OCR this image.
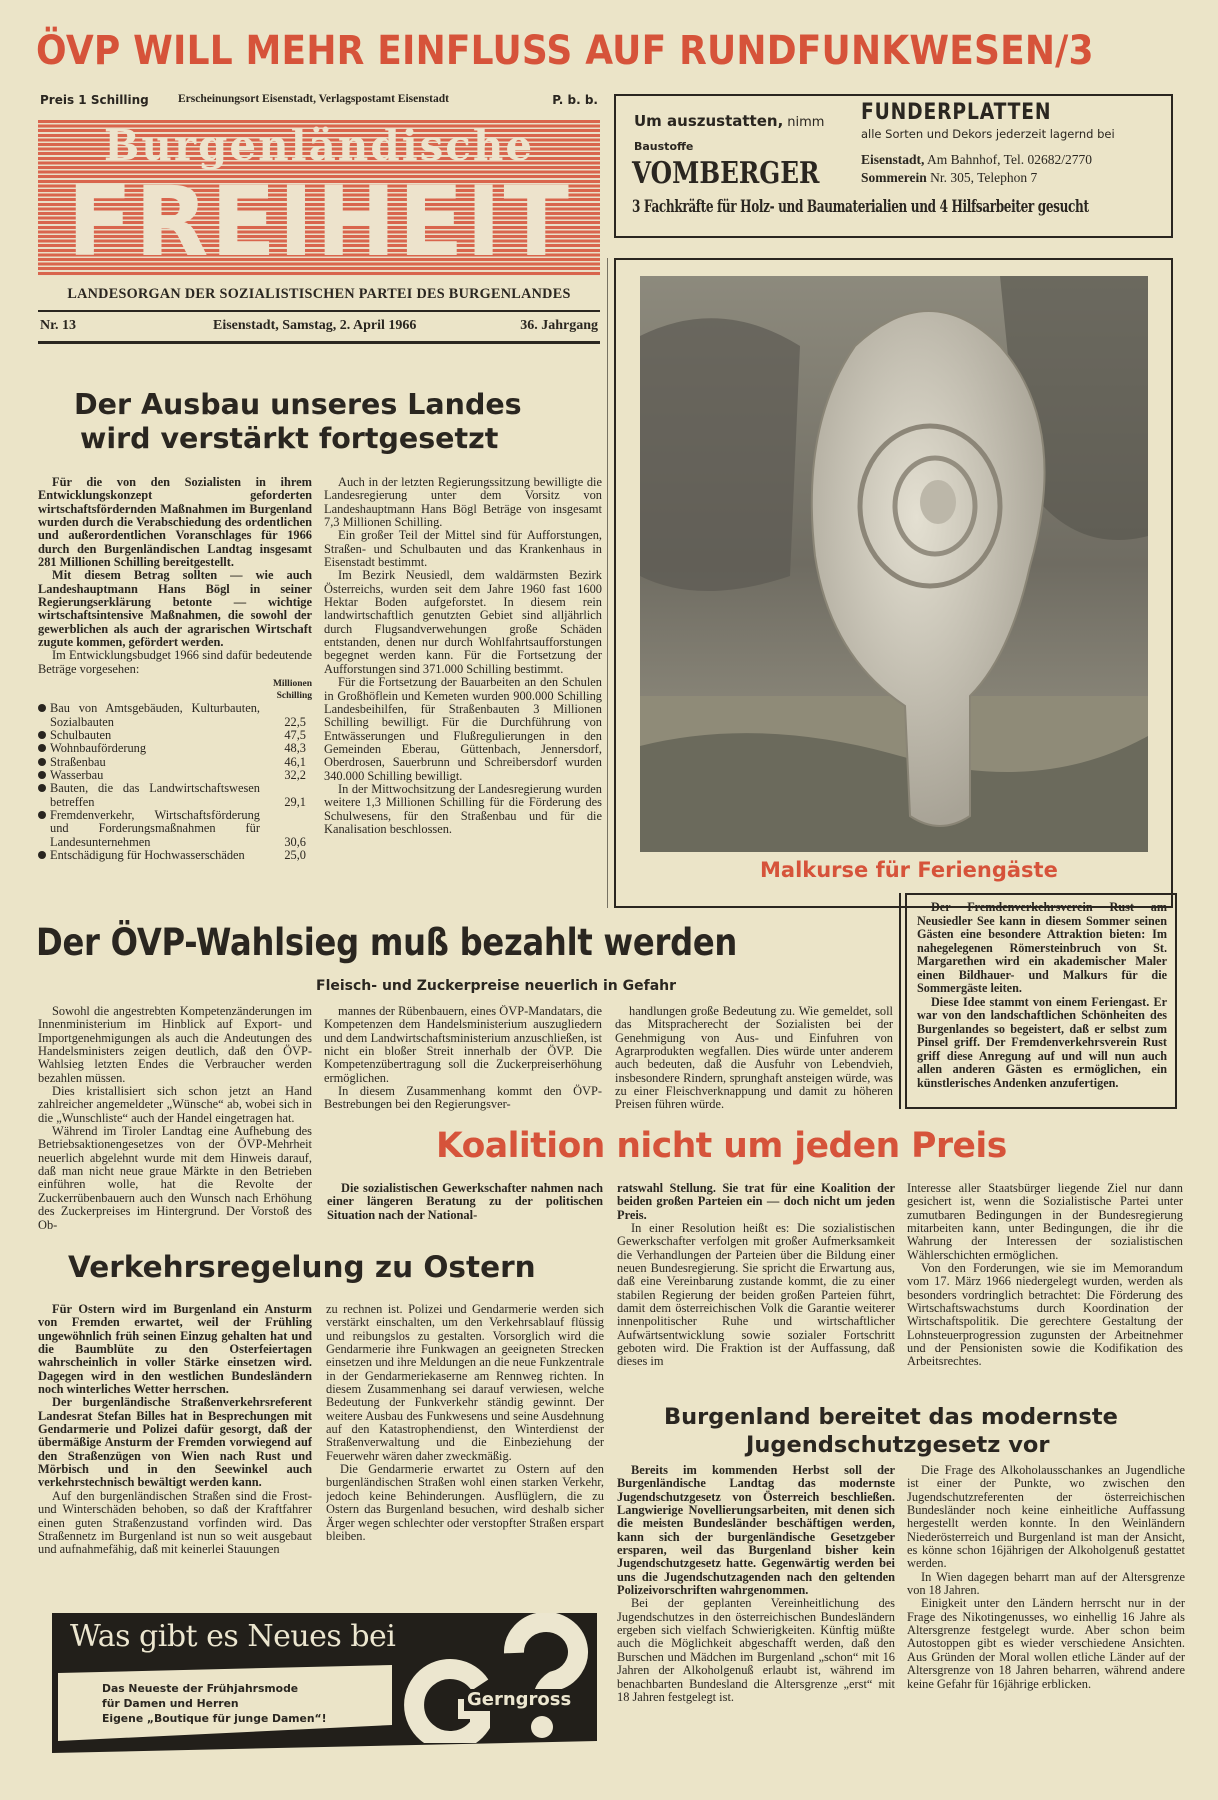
ÖVP WILL MEHR EINFLUSS AUF RUNDFUNKWESEN/3
Preis 1 Schilling	Erscheinungsort Eisenstadt, Verlagspostamt Eisenstadt	P. b. b.
Burgenländische
FREIHEIT
LANDESORGAN DER SOZIALISTISCHEN PARTEI DES BURGENLANDES
Nr. 13	Eisenstadt, Samstag, 2. April 1966	36. Jahrgang
Um auszustatten, nimm FUNDERPLATTEN
alle Sorten und Dekors jederzeit lagernd bei
Baustoffe
VOMBERGER	Eisenstadt, Am Bahnhof, Tel. 02682/2770
Sommerein Nr. 305, Telephon 7
3 Fachkräfte für Holz- und Baumaterialien und 4 Hilfsarbeiter gesucht
Malkurse für Feriengäste

Der Fremdenverkehrsverein Rust am Neusiedler See kann in diesem Sommer seinen Gästen eine besondere Attraktion bieten: Im nahegelegenen Römersteinbruch von St. Margarethen wird ein akademischer Maler einen Bildhauer- und Malkurs für die Sommergäste leiten.

Diese Idee stammt von einem Feriengast. Er war von den landschaftlichen Schönheiten des Burgenlandes so begeistert, daß er selbst zum Pinsel griff. Der Fremdenverkehrsverein Rust griff diese Anregung auf und will nun auch allen anderen Gästen es ermöglichen, ein künstlerisches Andenken anzufertigen.

Der Ausbau unseres Landes
wird verstärkt fortgesetzt

Für die von den Sozialisten in ihrem Entwicklungskonzept geforderten wirtschaftsfördernden Maßnahmen im Burgenland wurden durch die Verabschiedung des ordentlichen und außerordentlichen Voranschlages für 1966 durch den Burgenländischen Landtag insgesamt 281 Millionen Schilling bereitgestellt.

Mit diesem Betrag sollten — wie auch Landeshauptmann Hans Bögl in seiner Regierungserklärung betonte — wichtige wirtschaftsintensive Maßnahmen, die sowohl der gewerblichen als auch der agrarischen Wirtschaft zugute kommen, gefördert werden.

Im Entwicklungsbudget 1966 sind dafür bedeutende Beträge vorgesehen:

Millionen
Schilling
Bau von Amtsgebäuden, Kulturbauten, Sozialbauten	22,5
Schulbauten	47,5
Wohnbauförderung	48,3
Straßenbau	46,1
Wasserbau	32,2
Bauten, die das Landwirtschaftswesen betreffen	29,1
Fremdenverkehr, Wirtschaftsförderung und Forderungsmaßnahmen für Landesunternehmen	30,6
Entschädigung für Hochwasserschäden	25,0

Auch in der letzten Regierungssitzung bewilligte die Landesregierung unter dem Vorsitz von Landeshauptmann Hans Bögl Beträge von insgesamt 7,3 Millionen Schilling.

Ein großer Teil der Mittel sind für Aufforstungen, Straßen- und Schulbauten und das Krankenhaus in Eisenstadt bestimmt.

Im Bezirk Neusiedl, dem waldärmsten Bezirk Österreichs, wurden seit dem Jahre 1960 fast 1600 Hektar Boden aufgeforstet. In diesem rein landwirtschaftlich genutzten Gebiet sind alljährlich durch Flugsandverwehungen große Schäden entstanden, denen nur durch Wohlfahrtsaufforstungen begegnet werden kann. Für die Fortsetzung der Aufforstungen sind 371.000 Schilling bestimmt.

Für die Fortsetzung der Bauarbeiten an den Schulen in Großhöflein und Kemeten wurden 900.000 Schilling Landesbeihilfen, für Straßenbauten 3 Millionen Schilling bewilligt. Für die Durchführung von Entwässerungen und Flußregulierungen in den Gemeinden Eberau, Güttenbach, Jennersdorf, Oberdrosen, Sauerbrunn und Schreibersdorf wurden 340.000 Schilling bewilligt.

In der Mittwochsitzung der Landesregierung wurden weitere 1,3 Millionen Schilling für die Förderung des Schulwesens, für den Straßenbau und für die Kanalisation beschlossen.

Der ÖVP-Wahlsieg muß bezahlt werden
Fleisch- und Zuckerpreise neuerlich in Gefahr

Sowohl die angestrebten Kompetenzänderungen im Innenministerium im Hinblick auf Export- und Importgenehmigungen als auch die Andeutungen des Handelsministers zeigen deutlich, daß den ÖVP-Wahlsieg letzten Endes die Verbraucher werden bezahlen müssen.

Dies kristallisiert sich schon jetzt an Hand zahlreicher angemeldeter „Wünsche“ ab, wobei sich in die „Wunschliste“ auch der Handel eingetragen hat.

Während im Tiroler Landtag eine Aufhebung des Betriebsaktionengesetzes von der ÖVP-Mehrheit neuerlich abgelehnt wurde mit dem Hinweis darauf, daß man nicht neue graue Märkte in den Betrieben einführen wolle, hat die Revolte der Zuckerrübenbauern auch den Wunsch nach Erhöhung des Zuckerpreises im Hintergrund. Der Vorstoß des Ob-

mannes der Rübenbauern, eines ÖVP-Mandatars, die Kompetenzen dem Handelsministerium auszugliedern und dem Landwirtschaftsministerium anzuschließen, ist nicht ein bloßer Streit innerhalb der ÖVP. Die Kompetenzübertragung soll die Zuckerpreiserhöhung ermöglichen.

In diesem Zusammenhang kommt den ÖVP-Bestrebungen bei den Regierungsver-

handlungen große Bedeutung zu. Wie gemeldet, soll das Mitspracherecht der Sozialisten bei der Genehmigung von Aus- und Einfuhren von Agrarprodukten wegfallen. Dies würde unter anderem auch bedeuten, daß die Ausfuhr von Lebendvieh, insbesondere Rindern, sprunghaft ansteigen würde, was zu einer Fleischverknappung und damit zu höheren Preisen führen würde.

Koalition nicht um jeden Preis

Die sozialistischen Gewerkschafter nahmen nach einer längeren Beratung zu der politischen Situation nach der National-

ratswahl Stellung. Sie trat für eine Koalition der beiden großen Parteien ein — doch nicht um jeden Preis.

In einer Resolution heißt es: Die sozialistischen Gewerkschafter verfolgen mit großer Aufmerksamkeit die Verhandlungen der Parteien über die Bildung einer neuen Bundesregierung. Sie spricht die Erwartung aus, daß eine Vereinbarung zustande kommt, die zu einer stabilen Regierung der beiden großen Parteien führt, damit dem österreichischen Volk die Garantie weiterer innenpolitischer Ruhe und wirtschaftlicher Aufwärtsentwicklung sowie sozialer Fortschritt geboten wird. Die Fraktion ist der Auffassung, daß dieses im

Interesse aller Staatsbürger liegende Ziel nur dann gesichert ist, wenn die Sozialistische Partei unter zumutbaren Bedingungen in der Bundesregierung mitarbeiten kann, unter Bedingungen, die ihr die Wahrung der Interessen der sozialistischen Wählerschichten ermöglichen.

Von den Forderungen, wie sie im Memorandum vom 17. März 1966 niedergelegt wurden, werden als besonders vordringlich betrachtet: Die Förderung des Wirtschaftswachstums durch Koordination der Wirtschaftspolitik. Die gerechtere Gestaltung der Lohnsteuerprogression zugunsten der Arbeitnehmer und der Pensionisten sowie die Kodifikation des Arbeitsrechtes.

Verkehrsregelung zu Ostern

Für Ostern wird im Burgenland ein Ansturm von Fremden erwartet, weil der Frühling ungewöhnlich früh seinen Einzug gehalten hat und die Baumblüte zu den Osterfeiertagen wahrscheinlich in voller Stärke einsetzen wird. Dagegen wird in den westlichen Bundesländern noch winterliches Wetter herrschen.

Der burgenländische Straßenverkehrsreferent Landesrat Stefan Billes hat in Besprechungen mit Gendarmerie und Polizei dafür gesorgt, daß der übermäßige Ansturm der Fremden vorwiegend auf den Straßenzügen von Wien nach Rust und Mörbisch und in den Seewinkel auch verkehrstechnisch bewältigt werden kann.

Auf den burgenländischen Straßen sind die Frost- und Winterschäden behoben, so daß der Kraftfahrer einen guten Straßenzustand vorfinden wird. Das Straßennetz im Burgenland ist nun so weit ausgebaut und aufnahmefähig, daß mit keinerlei Stauungen

zu rechnen ist. Polizei und Gendarmerie werden sich verstärkt einschalten, um den Verkehrsablauf flüssig und reibungslos zu gestalten. Vorsorglich wird die Gendarmerie ihre Funkwagen an geeigneten Strecken einsetzen und ihre Meldungen an die neue Funkzentrale in der Gendarmeriekaserne am Rennweg richten. In diesem Zusammenhang sei darauf verwiesen, welche Bedeutung der Funkverkehr ständig gewinnt. Der weitere Ausbau des Funkwesens und seine Ausdehnung auf den Katastrophendienst, den Winterdienst der Straßenverwaltung und die Einbeziehung der Feuerwehr wären daher zweckmäßig.

Die Gendarmerie erwartet zu Ostern auf den burgenländischen Straßen wohl einen starken Verkehr, jedoch keine Behinderungen. Ausflüglern, die zu Ostern das Burgenland besuchen, wird deshalb sicher Ärger wegen schlechter oder verstopfter Straßen erspart bleiben.

Burgenland bereitet das modernste
Jugendschutzgesetz vor

Bereits im kommenden Herbst soll der Burgenländische Landtag das modernste Jugendschutzgesetz von Österreich beschließen. Langwierige Novellierungsarbeiten, mit denen sich die meisten Bundesländer beschäftigen werden, kann sich der burgenländische Gesetzgeber ersparen, weil das Burgenland bisher kein Jugendschutzgesetz hatte. Gegenwärtig werden bei uns die Jugendschutzagenden nach den geltenden Polizeivorschriften wahrgenommen.

Bei der geplanten Vereinheitlichung des Jugendschutzes in den österreichischen Bundesländern ergeben sich vielfach Schwierigkeiten. Künftig müßte auch die Möglichkeit abgeschafft werden, daß den Burschen und Mädchen im Burgenland „schon“ mit 16 Jahren der Alkoholgenuß erlaubt ist, während im benachbarten Bundesland die Altersgrenze „erst“ mit 18 Jahren festgelegt ist.

Die Frage des Alkoholausschankes an Jugendliche ist einer der Punkte, wo zwischen den Jugendschutzreferenten der österreichischen Bundesländer noch keine einheitliche Auffassung hergestellt werden konnte. In den Weinländern Niederösterreich und Burgenland ist man der Ansicht, es könne schon 16jährigen der Alkoholgenuß gestattet werden.

In Wien dagegen beharrt man auf der Altersgrenze von 18 Jahren.

Einigkeit unter den Ländern herrscht nur in der Frage des Nikotingenusses, wo einhellig 16 Jahre als Altersgrenze festgelegt wurde. Aber schon beim Autostoppen gibt es wieder verschiedene Ansichten. Aus Gründen der Moral wollen etliche Länder auf der Altersgrenze von 18 Jahren beharren, während andere keine Gefahr für 16jährige erblicken.

Was gibt es Neues bei
Das Neueste der Frühjahrsmode
für Damen und Herren
Eigene „Boutique für junge Damen“!
Gerngross
